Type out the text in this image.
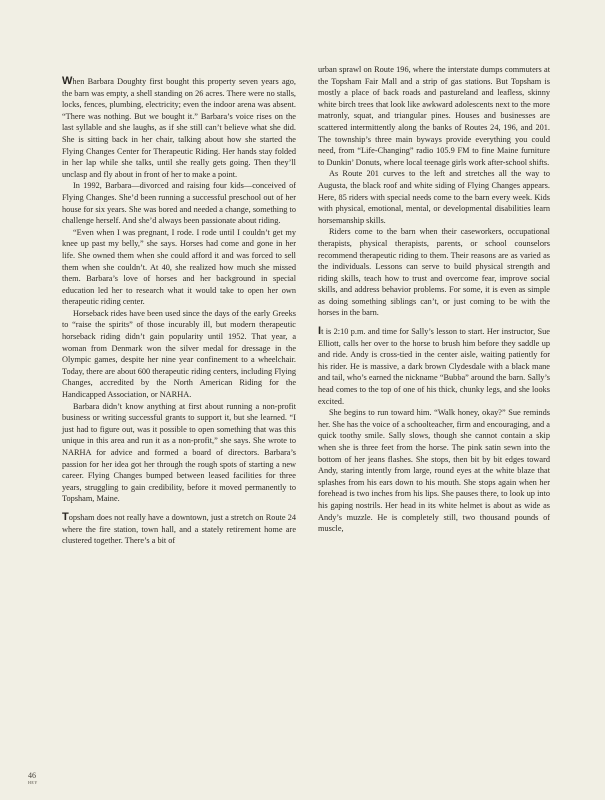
When Barbara Doughty first bought this property seven years ago, the barn was empty, a shell standing on 26 acres. There were no stalls, locks, fences, plumbing, electricity; even the indoor arena was absent. “There was nothing. But we bought it.” Barbara’s voice rises on the last syllable and she laughs, as if she still can’t believe what she did. She is sitting back in her chair, talking about how she started the Flying Changes Center for Therapeutic Riding. Her hands stay folded in her lap while she talks, until she really gets going. Then they’ll unclasp and fly about in front of her to make a point.

In 1992, Barbara—divorced and raising four kids—conceived of Flying Changes. She’d been running a successful preschool out of her house for six years. She was bored and needed a change, something to challenge herself. And she’d always been passionate about riding.

“Even when I was pregnant, I rode. I rode until I couldn’t get my knee up past my belly,” she says. Horses had come and gone in her life. She owned them when she could afford it and was forced to sell them when she couldn’t. At 40, she realized how much she missed them. Barbara’s love of horses and her background in special education led her to research what it would take to open her own therapeutic riding center.

Horseback rides have been used since the days of the early Greeks to “raise the spirits” of those incurably ill, but modern therapeutic horseback riding didn’t gain popularity until 1952. That year, a woman from Denmark won the silver medal for dressage in the Olympic games, despite her nine year confinement to a wheelchair. Today, there are about 600 therapeutic riding centers, including Flying Changes, accredited by the North American Riding for the Handicapped Association, or NARHA.

Barbara didn’t know anything at first about running a non-profit business or writing successful grants to support it, but she learned. “I just had to figure out, was it possible to open something that was this unique in this area and run it as a non-profit,” she says. She wrote to NARHA for advice and formed a board of directors. Barbara’s passion for her idea got her through the rough spots of starting a new career. Flying Changes bumped between leased facilities for three years, struggling to gain credibility, before it moved permanently to Topsham, Maine.

Topsham does not really have a downtown, just a stretch on Route 24 where the fire station, town hall, and a stately retirement home are clustered together. There’s a bit of

urban sprawl on Route 196, where the interstate dumps commuters at the Topsham Fair Mall and a strip of gas stations. But Topsham is mostly a place of back roads and pastureland and leafless, skinny white birch trees that look like awkward adolescents next to the more matronly, squat, and triangular pines. Houses and businesses are scattered intermittently along the banks of Routes 24, 196, and 201. The township’s three main byways provide everything you could need, from “Life-Changing” radio 105.9 FM to fine Maine furniture to Dunkin’ Donuts, where local teenage girls work after-school shifts.

As Route 201 curves to the left and stretches all the way to Augusta, the black roof and white siding of Flying Changes appears. Here, 85 riders with special needs come to the barn every week. Kids with physical, emotional, mental, or developmental disabilities learn horsemanship skills.

Riders come to the barn when their caseworkers, occupational therapists, physical therapists, parents, or school counselors recommend therapeutic riding to them. Their reasons are as varied as the individuals. Lessons can serve to build physical strength and riding skills, teach how to trust and overcome fear, improve social skills, and address behavior problems. For some, it is even as simple as doing something siblings can’t, or just coming to be with the horses in the barn.

It is 2:10 p.m. and time for Sally’s lesson to start. Her instructor, Sue Elliott, calls her over to the horse to brush him before they saddle up and ride. Andy is cross-tied in the center aisle, waiting patiently for his rider. He is massive, a dark brown Clydesdale with a black mane and tail, who’s earned the nickname “Bubba” around the barn. Sally’s head comes to the top of one of his thick, chunky legs, and she looks excited.

She begins to run toward him. “Walk honey, okay?” Sue reminds her. She has the voice of a schoolteacher, firm and encouraging, and a quick toothy smile. Sally slows, though she cannot contain a skip when she is three feet from the horse. The pink satin sewn into the bottom of her jeans flashes. She stops, then bit by bit edges toward Andy, staring intently from large, round eyes at the white blaze that splashes from his ears down to his mouth. She stops again when her forehead is two inches from his lips. She pauses there, to look up into his gaping nostrils. Her head in its white helmet is about as wide as Andy’s muzzle. He is completely still, two thousand pounds of muscle,

46
HEY
